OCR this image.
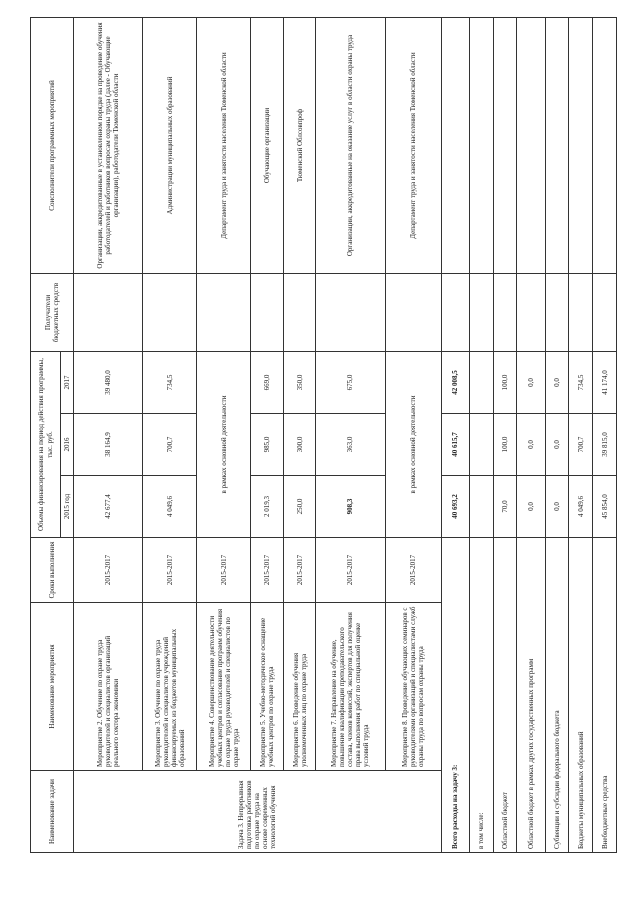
Наименование задачи	Наименование мероприятия	Сроки выполнения	Объемы финансирования на период действия программы, тыс. руб.			Получатели бюджетных средств	Соисполнители программных мероприятий
			2015 год	2016	2017		
Задача 3. Непрерывная подготовка работников по охране труда на основе современных технологий обучения	Мероприятие 2. Обучение по охране труда руководителей и специалистов организаций реального сектора экономики	2015-2017	42 677,4	38 164,9	39 480,0		Организации, аккредитованные в установленном порядке на проведение обучения работодателей и работников вопросам охраны труда (далее - Обучающие организации), работодатели Тюменской области
	Мероприятие 3. Обучение по охране труда руководителей и специалистов учреждений финансируемых из бюджетов муниципальных образований	2015-2017	4 049,6	700,7	734,5		Администрации муниципальных образований
	Мероприятие 4. Совершенствование деятельности учебных центров и согласование программ обучения по охране труда руководителей и специалистов по охране труда	2015-2017	в рамках основной деятельности				Департамент труда и занятости населения Тюменской области
	Мероприятие 5. Учебно-методическое оснащение учебных центров по охране труда	2015-2017	2 019,3	985,0	669,0		Обучающие организации
	Мероприятие 6. Проведение обучения уполномоченных лиц по охране труда	2015-2017	250,0	300,0	350,0		Тюменский Облсовпроф
	Мероприятие 7. Направление на обучение, повышение квалификации преподавательского состава, членов комиссий, экспертов для получения права выполнения работ по специальной оценке условий труда	2015-2017	908,3	363,0	675,0		Организации, аккредитованные на оказание услуг в области охраны труда
	Мероприятие 8. Проведение обучающих семинаров с руководителями организаций и специалистами служб охраны труда по вопросам охраны труда	2015-2017	в рамках основной деятельности				Департамент труда и занятости населения Тюменской области
Всего расходы на задачу 3:			40 693,2	40 615,7	42 008,5		
в том числе:							
Областной бюджет			70,0	100,0	100,0		
Областной бюджет в рамках других государственных программ			0,0	0,0	0,0		
Субвенции и субсидии федерального бюджета			0,0	0,0	0,0		
Бюджеты муниципальных образований			4 049,6	700,7	734,5		
Внебюджетные средства			45 854,0	39 815,0	41 174,0		
